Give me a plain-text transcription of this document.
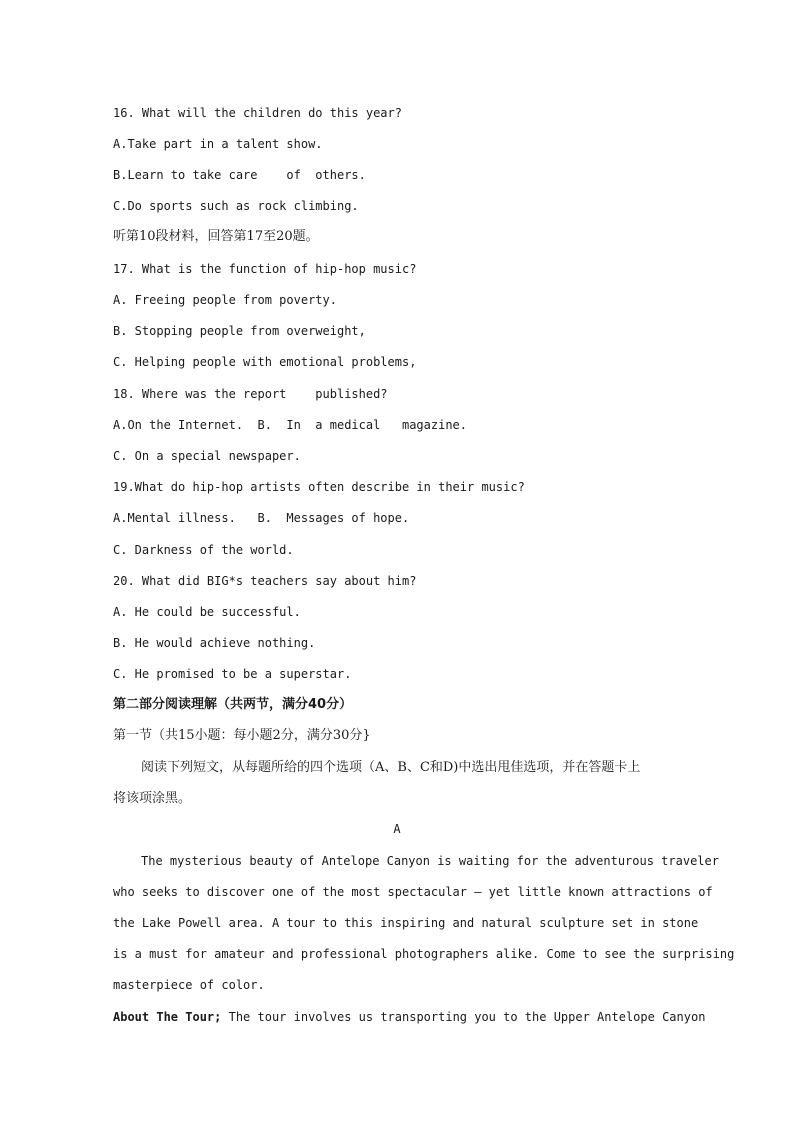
16. What will the children do this year?
A.Take part in a talent show.
B.Learn to take care    of  others.
C.Do sports such as rock climbing.
听第10段材料，回答第17至20题。
17. What is the function of hip-hop music?
A. Freeing people from poverty.
B. Stopping people from overweight,
C. Helping people with emotional problems,
18. Where was the report    published?
A.On the Internet.  B.  In  a medical   magazine.
C. On a special newspaper.
19.What do hip-hop artists often describe in their music?
A.Mental illness.   B.  Messages of hope.
C. Darkness of the world.
20. What did BIG*s teachers say about him?
A. He could be successful.
B. He would achieve nothing.
C. He promised to be a superstar.
第二部分阅读理解（共两节，满分40分）
第一节（共15小题：每小题2分，满分30分}
阅读下列短文，从每题所给的四个选项（A、B、C和D)中选出甩佳选项，并在答题卡上
将该项涂黑。
A
The mysterious beauty of Antelope Canyon is waiting for the adventurous traveler
who seeks to discover one of the most spectacular – yet little known attractions of
the Lake Powell area. A tour to this inspiring and natural sculpture set in stone
is a must for amateur and professional photographers alike. Come to see the surprising
masterpiece of color.
About The Tour; The tour involves us transporting you to the Upper Antelope Canyon
